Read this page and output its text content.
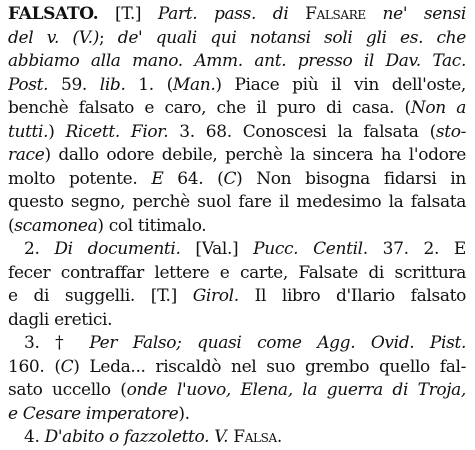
FALSATO. [T.] Part. pass. di Falsare ne' sensi
del v. (V.); de' quali qui notansi soli gli es. che
abbiamo alla mano. Amm. ant. presso il Dav. Tac.
Post. 59. lib. 1. (Man.) Piace più il vin dell'oste,
benchè falsato e caro, che il puro di casa. (Non a
tutti.) Ricett. Fior. 3. 68. Conoscesi la falsata (sto-
race) dallo odore debile, perchè la sincera ha l'odore
molto potente. E 64. (C) Non bisogna fidarsi in
questo segno, perchè suol fare il medesimo la falsata
(scamonea) col titimalo.
2. Di documenti. [Val.] Pucc. Centil. 37. 2. E
fecer contraffar lettere e carte, Falsate di scrittura
e di suggelli. [T.] Girol. Il libro d'Ilario falsato
dagli eretici.
3. † Per Falso; quasi come Agg. Ovid. Pist.
160. (C) Leda... riscaldò nel suo grembo quello fal-
sato uccello (onde l'uovo, Elena, la guerra di Troja,
e Cesare imperatore).
4. D'abito o fazzoletto. V. Falsa.
